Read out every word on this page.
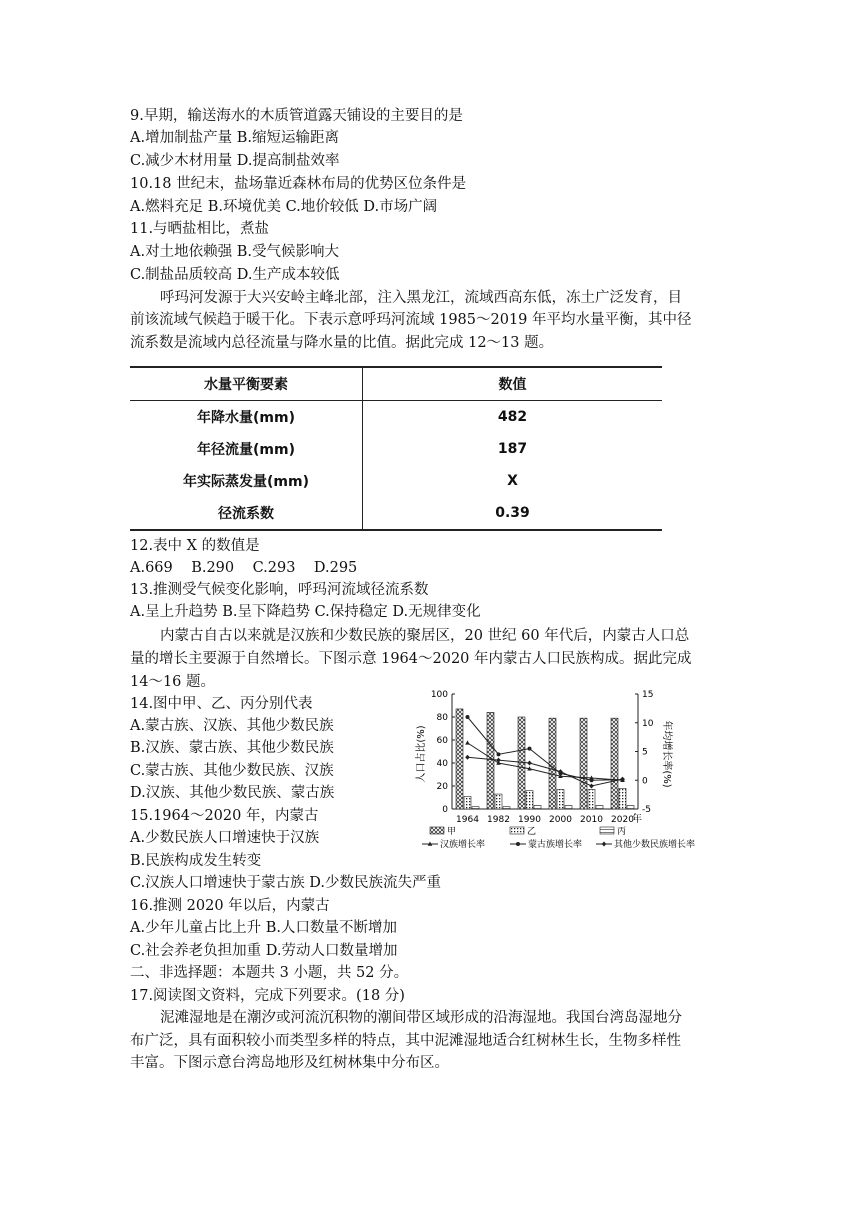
9.早期，输送海水的木质管道露天铺设的主要目的是
A.增加制盐产量 B.缩短运输距离
C.减少木材用量 D.提高制盐效率
10.18 世纪末，盐场靠近森林布局的优势区位条件是
A.燃料充足 B.环境优美 C.地价较低 D.市场广阔
11.与晒盐相比，煮盐
A.对土地依赖强 B.受气候影响大
C.制盐品质较高 D.生产成本较低
呼玛河发源于大兴安岭主峰北部，注入黑龙江，流域西高东低，冻土广泛发育，目
前该流域气候趋于暖干化。下表示意呼玛河流域 1985～2019 年平均水量平衡，其中径
流系数是流域内总径流量与降水量的比值。据此完成 12～13 题。
水量平衡要素	数值
年降水量(mm)	482
年径流量(mm)	187
年实际蒸发量(mm)	X
径流系数	0.39
12.表中 X 的数值是
A.669    B.290    C.293    D.295
13.推测受气候变化影响，呼玛河流域径流系数
A.呈上升趋势 B.呈下降趋势 C.保持稳定 D.无规律变化
内蒙古自古以来就是汉族和少数民族的聚居区，20 世纪 60 年代后，内蒙古人口总
量的增长主要源于自然增长。下图示意 1964～2020 年内蒙古人口民族构成。据此完成
14～16 题。
14.图中甲、乙、丙分别代表
A.蒙古族、汉族、其他少数民族
B.汉族、蒙古族、其他少数民族
C.蒙古族、其他少数民族、汉族
D.汉族、其他少数民族、蒙古族
15.1964～2020 年，内蒙古
A.少数民族人口增速快于汉族
B.民族构成发生转变
C.汉族人口增速快于蒙古族 D.少数民族流失严重
16.推测 2020 年以后，内蒙古
A.少年儿童占比上升 B.人口数量不断增加
C.社会养老负担加重 D.劳动人口数量增加
二、非选择题：本题共 3 小题，共 52 分。
17.阅读图文资料，完成下列要求。(18 分)
泥滩湿地是在潮汐或河流沉积物的潮间带区域形成的沿海湿地。我国台湾岛湿地分
布广泛，具有面积较小而类型多样的特点，其中泥滩湿地适合红树林生长，生物多样性
丰富。下图示意台湾岛地形及红树林集中分布区。
0
20
40
60
80
100
-5
0
5
10
15
人口占比(%)	年均增长率(%)
1964 1982 1990 2000 2010 2020
年
甲	乙	丙
汉族增长率	蒙古族增长率	其他少数民族增长率
